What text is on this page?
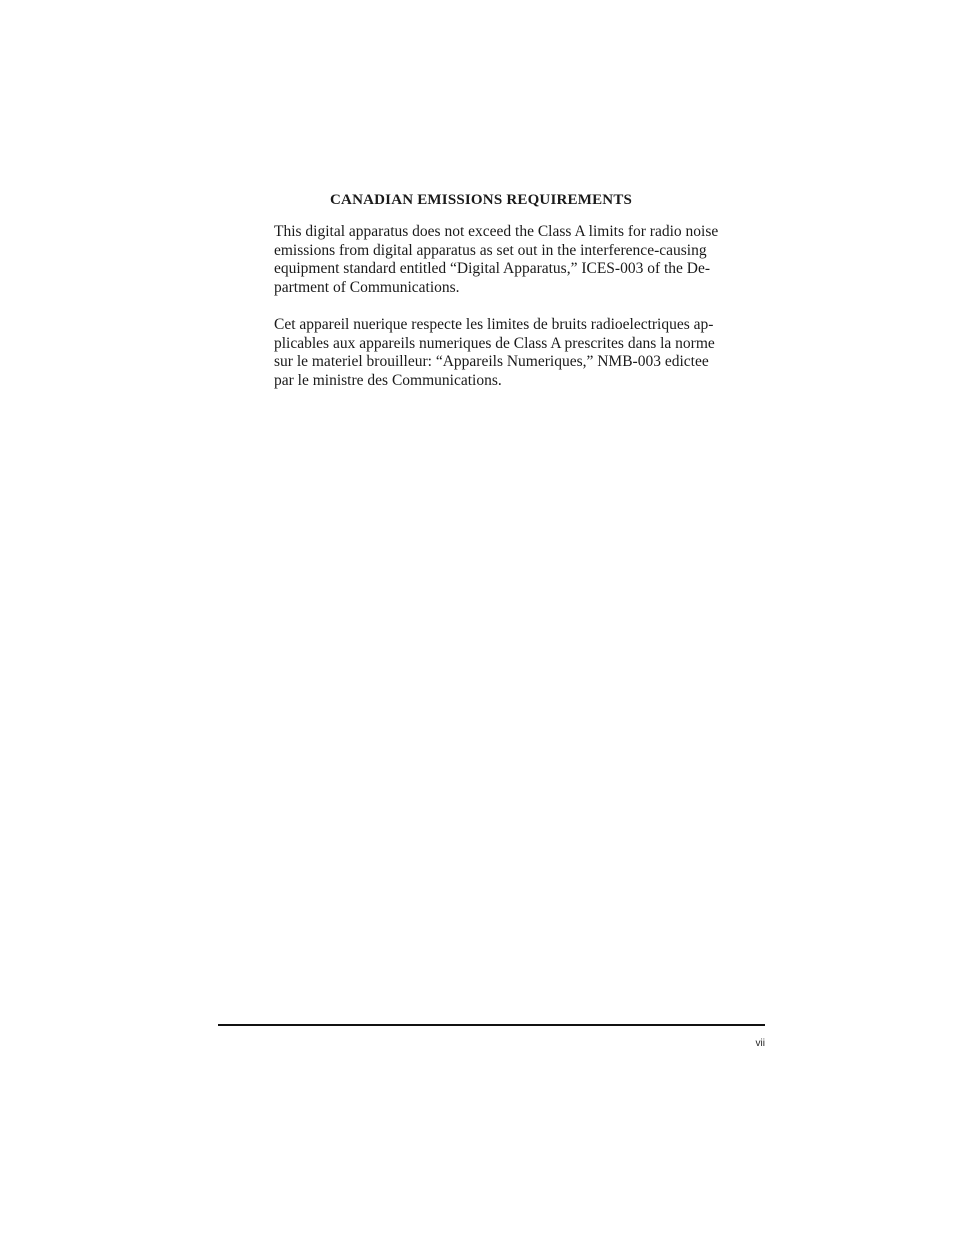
CANADIAN EMISSIONS REQUIREMENTS
This digital apparatus does not exceed the Class A limits for radio noise
emissions from digital apparatus as set out in the interference-causing
equipment standard entitled “Digital Apparatus,” ICES-003 of the De-
partment of Communications.
Cet appareil nuerique respecte les limites de bruits radioelectriques ap-
plicables aux appareils numeriques de Class A prescrites dans la norme
sur le materiel brouilleur: “Appareils Numeriques,” NMB-003 edictee
par le ministre des Communications.
vii
